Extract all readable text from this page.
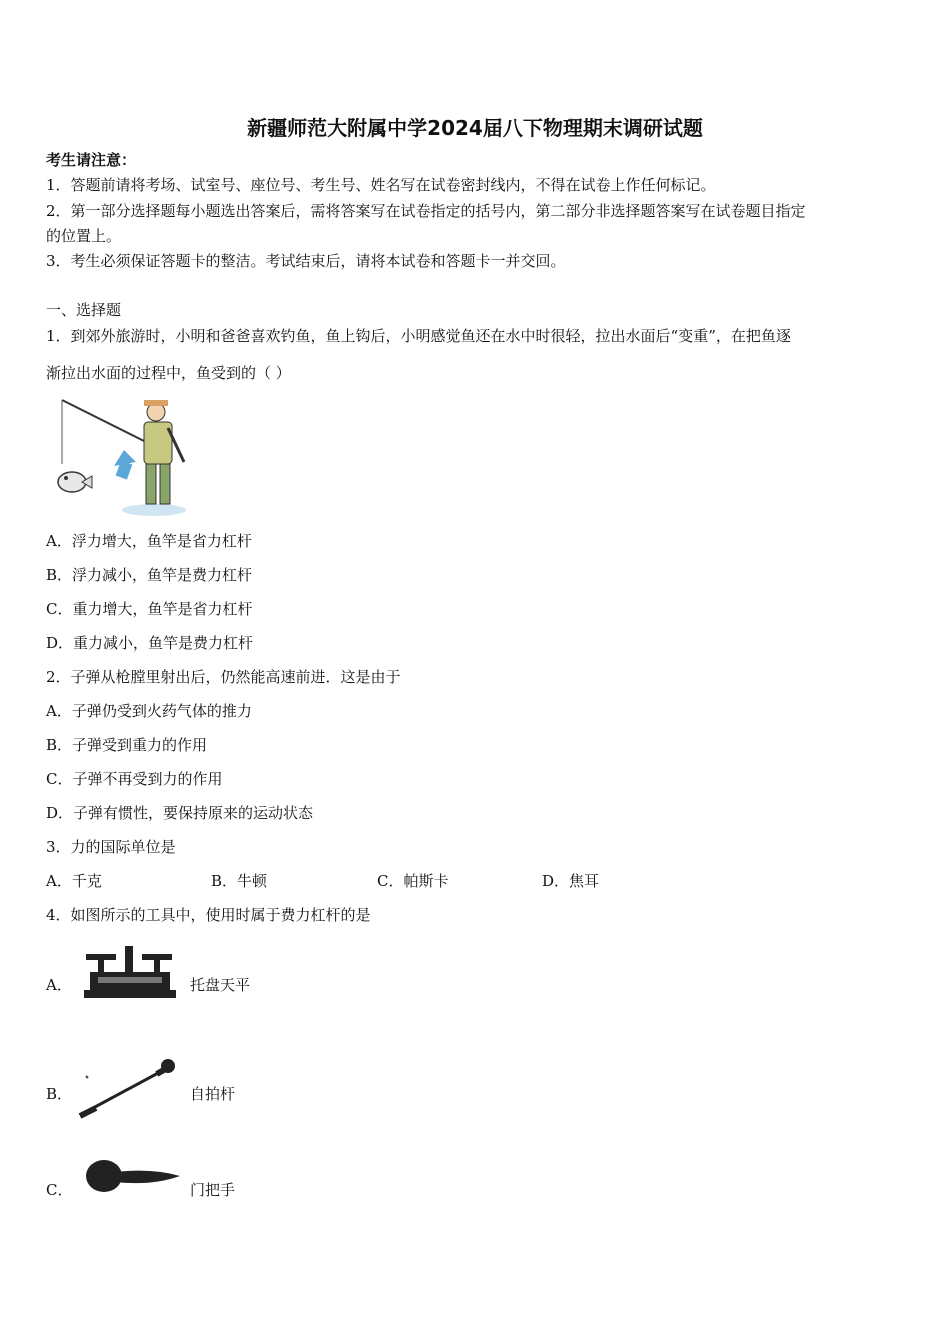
新疆师范大附属中学2024届八下物理期末调研试题
考生请注意：
1．答题前请将考场、试室号、座位号、考生号、姓名写在试卷密封线内，不得在试卷上作任何标记。
2．第一部分选择题每小题选出答案后，需将答案写在试卷指定的括号内，第二部分非选择题答案写在试卷题目指定
的位置上。
3．考生必须保证答题卡的整洁。考试结束后，请将本试卷和答题卡一并交回。
一、选择题
1．到郊外旅游时，小明和爸爸喜欢钓鱼，鱼上钩后，小明感觉鱼还在水中时很轻，拉出水面后“变重”，在把鱼逐
渐拉出水面的过程中，鱼受到的（ ）
A．浮力增大，鱼竿是省力杠杆
B．浮力减小，鱼竿是费力杠杆
C．重力增大，鱼竿是省力杠杆
D．重力减小，鱼竿是费力杠杆
2．子弹从枪膛里射出后，仍然能高速前进．这是由于
A．子弹仍受到火药气体的推力
B．子弹受到重力的作用
C．子弹不再受到力的作用
D．子弹有惯性，要保持原来的运动状态
3．力的国际单位是
A．千克	B．牛顿	C．帕斯卡	D．焦耳
4．如图所示的工具中，使用时属于费力杠杆的是
A．	托盘天平
B．	自拍杆
C．	门把手
